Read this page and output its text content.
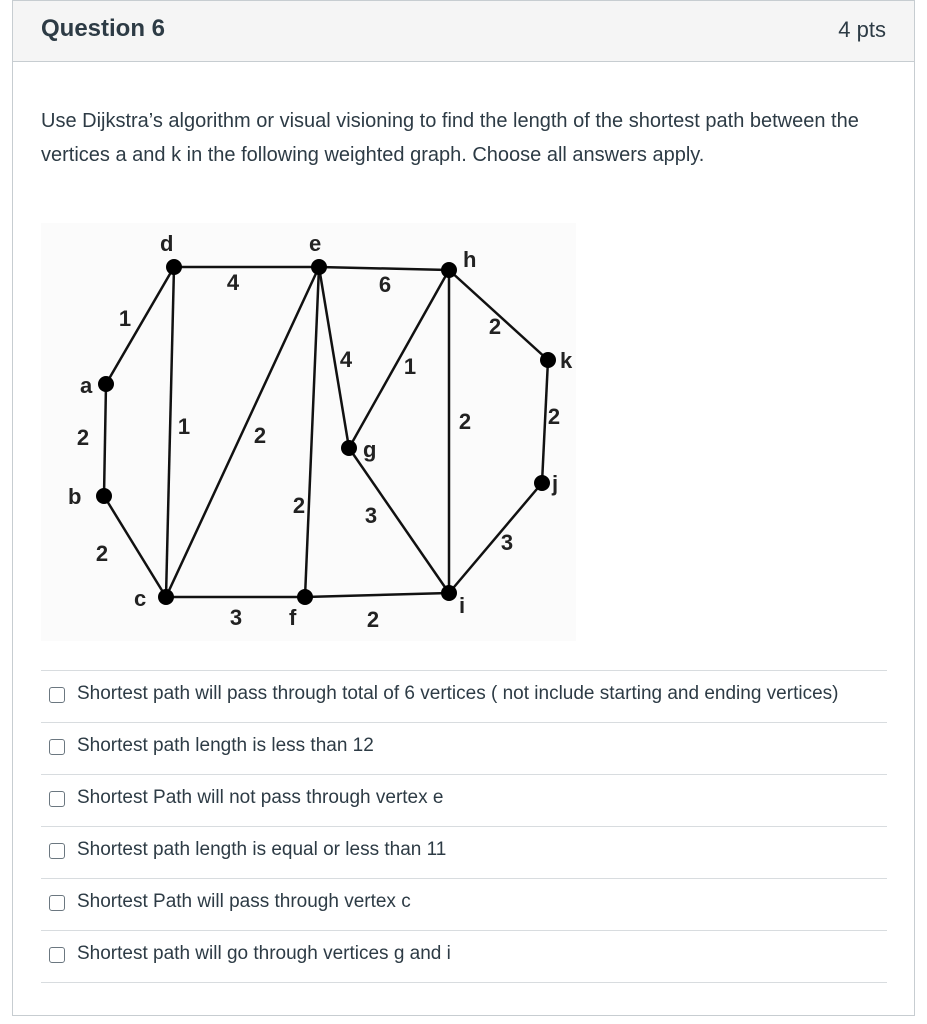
Question 6	4 pts
Use Dijkstra’s algorithm or visual visioning to find the length of the shortest path between the vertices a and k in the following weighted graph. Choose all answers apply.
1
2
2
4
1	2
6
4
2
1
3
2
2
2
3
3	2
a
b
c
d	e
f
g
h
i
j
k
Shortest path will pass through total of 6 vertices ( not include starting and ending vertices)
Shortest path length is less than 12
Shortest Path will not pass through vertex e
Shortest path length is equal or less than 11
Shortest Path will pass through vertex c
Shortest path will go through vertices g and i
